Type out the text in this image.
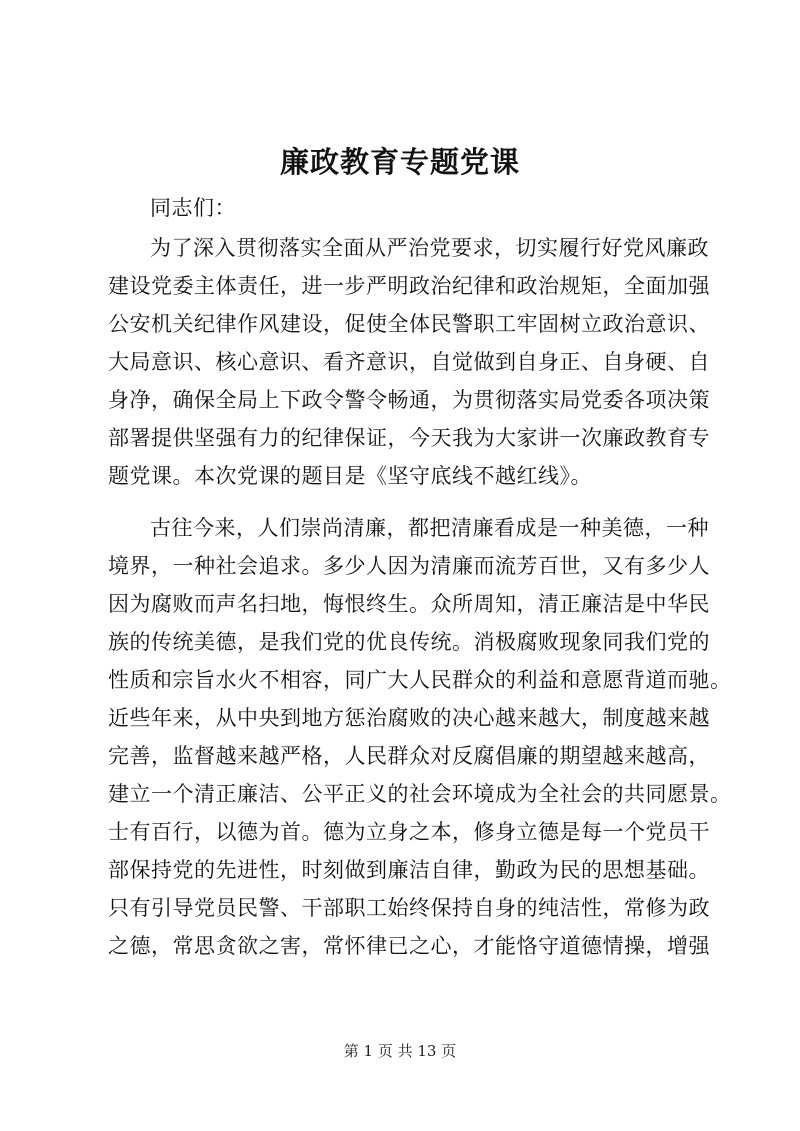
廉政教育专题党课
同志们：
为了深入贯彻落实全面从严治党要求，切实履行好党风廉政
建设党委主体责任，进一步严明政治纪律和政治规矩，全面加强
公安机关纪律作风建设，促使全体民警职工牢固树立政治意识、
大局意识、核心意识、看齐意识，自觉做到自身正、自身硬、自
身净，确保全局上下政令警令畅通，为贯彻落实局党委各项决策
部署提供坚强有力的纪律保证，今天我为大家讲一次廉政教育专
题党课。本次党课的题目是《坚守底线不越红线》。
古往今来，人们崇尚清廉，都把清廉看成是一种美德，一种
境界，一种社会追求。多少人因为清廉而流芳百世，又有多少人
因为腐败而声名扫地，悔恨终生。众所周知，清正廉洁是中华民
族的传统美德，是我们党的优良传统。消极腐败现象同我们党的
性质和宗旨水火不相容，同广大人民群众的利益和意愿背道而驰。
近些年来，从中央到地方惩治腐败的决心越来越大，制度越来越
完善，监督越来越严格，人民群众对反腐倡廉的期望越来越高，
建立一个清正廉洁、公平正义的社会环境成为全社会的共同愿景。
士有百行，以德为首。德为立身之本，修身立德是每一个党员干
部保持党的先进性，时刻做到廉洁自律，勤政为民的思想基础。
只有引导党员民警、干部职工始终保持自身的纯洁性，常修为政
之德，常思贪欲之害，常怀律已之心，才能恪守道德情操，增强
第 1 页 共 13 页
